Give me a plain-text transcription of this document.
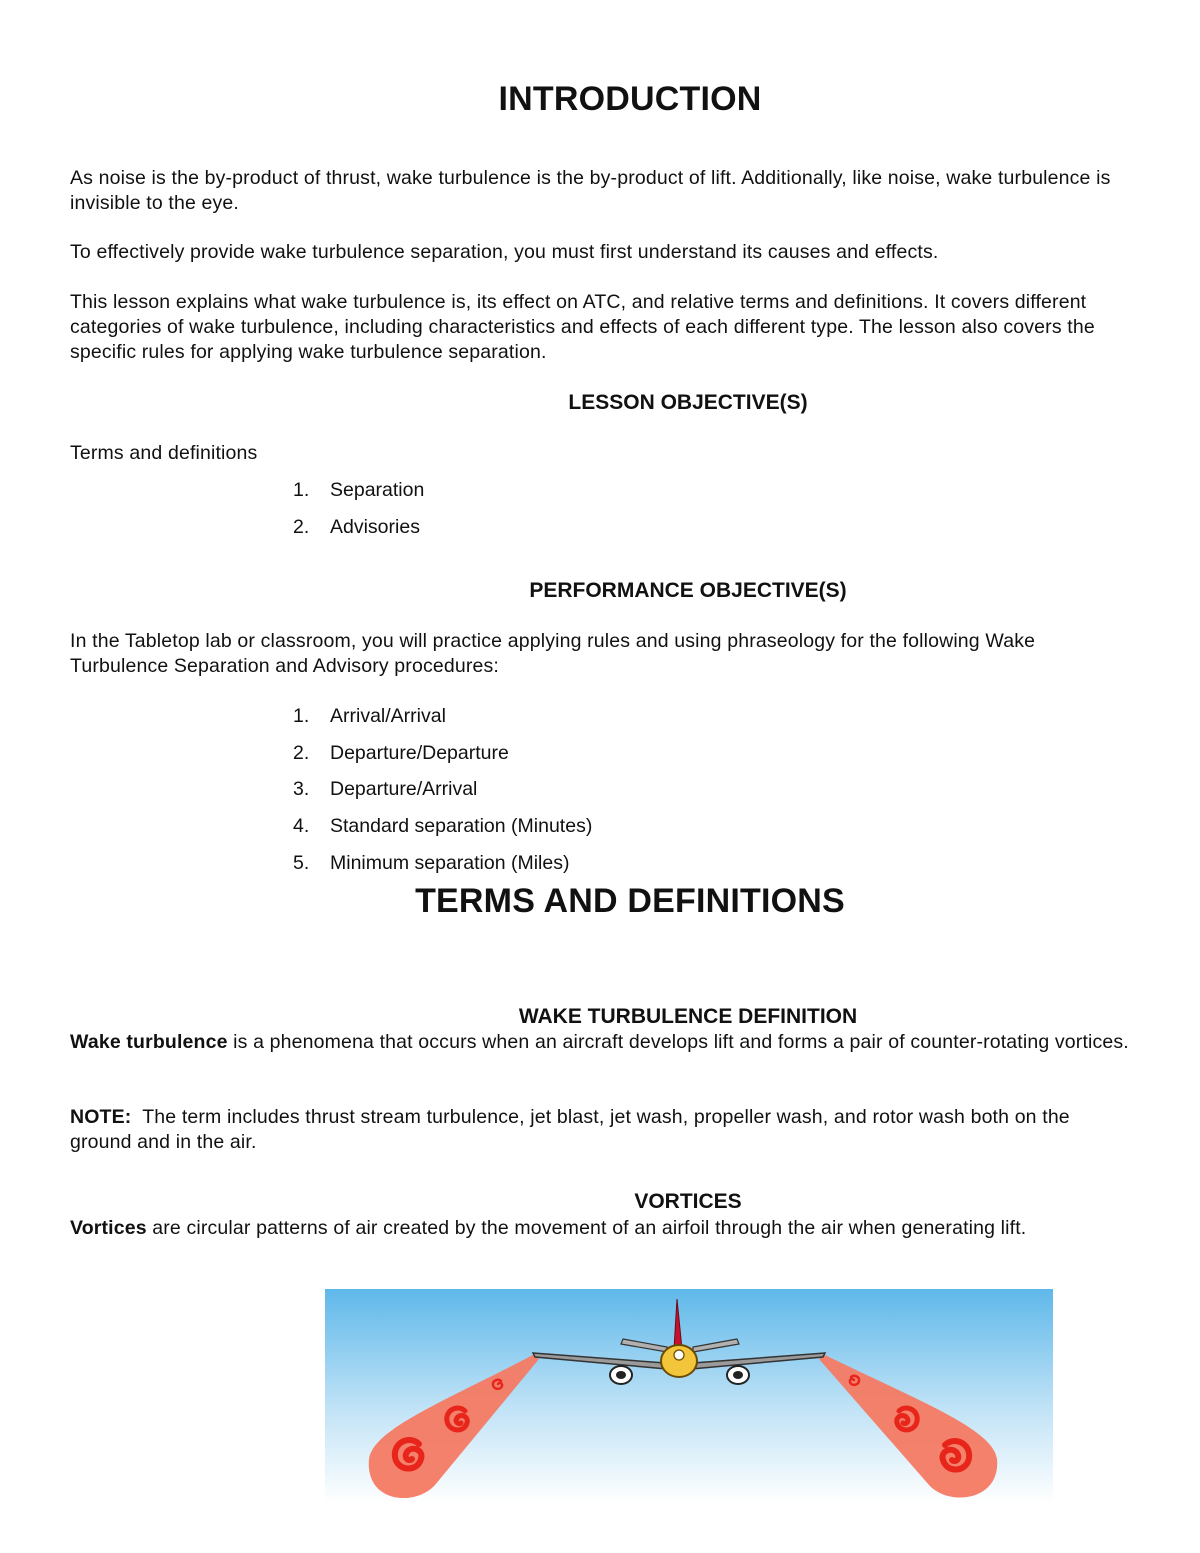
INTRODUCTION
As noise is the by-product of thrust, wake turbulence is the by-product of lift. Additionally, like noise, wake turbulence is invisible to the eye.
To effectively provide wake turbulence separation, you must first understand its causes and effects.
This lesson explains what wake turbulence is, its effect on ATC, and relative terms and definitions. It covers different categories of wake turbulence, including characteristics and effects of each different type. The lesson also covers the specific rules for applying wake turbulence separation.
LESSON OBJECTIVE(S)
Terms and definitions
1.	Separation
2.	Advisories
PERFORMANCE OBJECTIVE(S)
In the Tabletop lab or classroom, you will practice applying rules and using phraseology for the following Wake Turbulence Separation and Advisory procedures:
1.	Arrival/Arrival
2.	Departure/Departure
3.	Departure/Arrival
4.	Standard separation (Minutes)
5.	Minimum separation (Miles)
TERMS AND DEFINITIONS
WAKE TURBULENCE DEFINITION
Wake turbulence is a phenomena that occurs when an aircraft develops lift and forms a pair of counter-rotating vortices.
NOTE:  The term includes thrust stream turbulence, jet blast, jet wash, propeller wash, and rotor wash both on the ground and in the air.
VORTICES
Vortices are circular patterns of air created by the movement of an airfoil through the air when generating lift.
